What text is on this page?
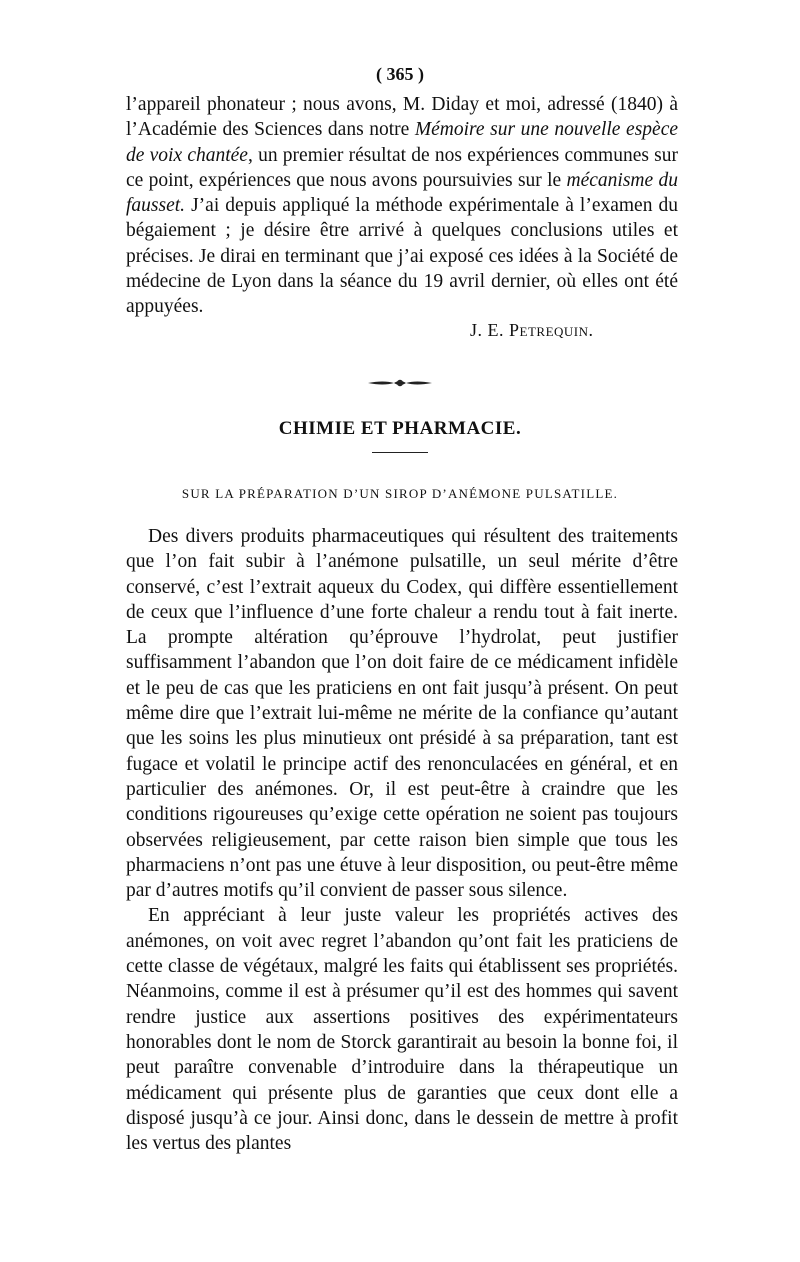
( 365 )

l’appareil phonateur ; nous avons, M. Diday et moi, adressé (1840) à l’Académie des Sciences dans notre Mémoire sur une nouvelle espèce de voix chantée, un premier résultat de nos expériences communes sur ce point, expériences que nous avons poursuivies sur le mécanisme du fausset. J’ai depuis appliqué la méthode expérimentale à l’examen du bégaiement ; je désire être arrivé à quelques conclusions utiles et précises. Je dirai en terminant que j’ai exposé ces idées à la Société de médecine de Lyon dans la séance du 19 avril dernier, où elles ont été appuyées.

J. E. Petrequin.
CHIMIE ET PHARMACIE.
SUR LA PRÉPARATION D’UN SIROP D’ANÉMONE PULSATILLE.

Des divers produits pharmaceutiques qui résultent des traitements que l’on fait subir à l’anémone pulsatille, un seul mérite d’être conservé, c’est l’extrait aqueux du Codex, qui diffère essentiellement de ceux que l’influence d’une forte chaleur a rendu tout à fait inerte. La prompte altération qu’éprouve l’hydrolat, peut justifier suffisamment l’abandon que l’on doit faire de ce médicament infidèle et le peu de cas que les praticiens en ont fait jusqu’à présent. On peut même dire que l’extrait lui-même ne mérite de la confiance qu’autant que les soins les plus minutieux ont présidé à sa préparation, tant est fugace et volatil le principe actif des renonculacées en général, et en particulier des anémones. Or, il est peut-être à craindre que les conditions rigoureuses qu’exige cette opération ne soient pas toujours observées religieusement, par cette raison bien simple que tous les pharmaciens n’ont pas une étuve à leur disposition, ou peut-être même par d’autres motifs qu’il convient de passer sous silence.

En appréciant à leur juste valeur les propriétés actives des anémones, on voit avec regret l’abandon qu’ont fait les praticiens de cette classe de végétaux, malgré les faits qui établissent ses propriétés. Néanmoins, comme il est à présumer qu’il est des hommes qui savent rendre justice aux assertions positives des expérimentateurs honorables dont le nom de Storck garantirait au besoin la bonne foi, il peut paraître convenable d’introduire dans la thérapeutique un médicament qui présente plus de garanties que ceux dont elle a disposé jusqu’à ce jour. Ainsi donc, dans le dessein de mettre à profit les vertus des plantes
